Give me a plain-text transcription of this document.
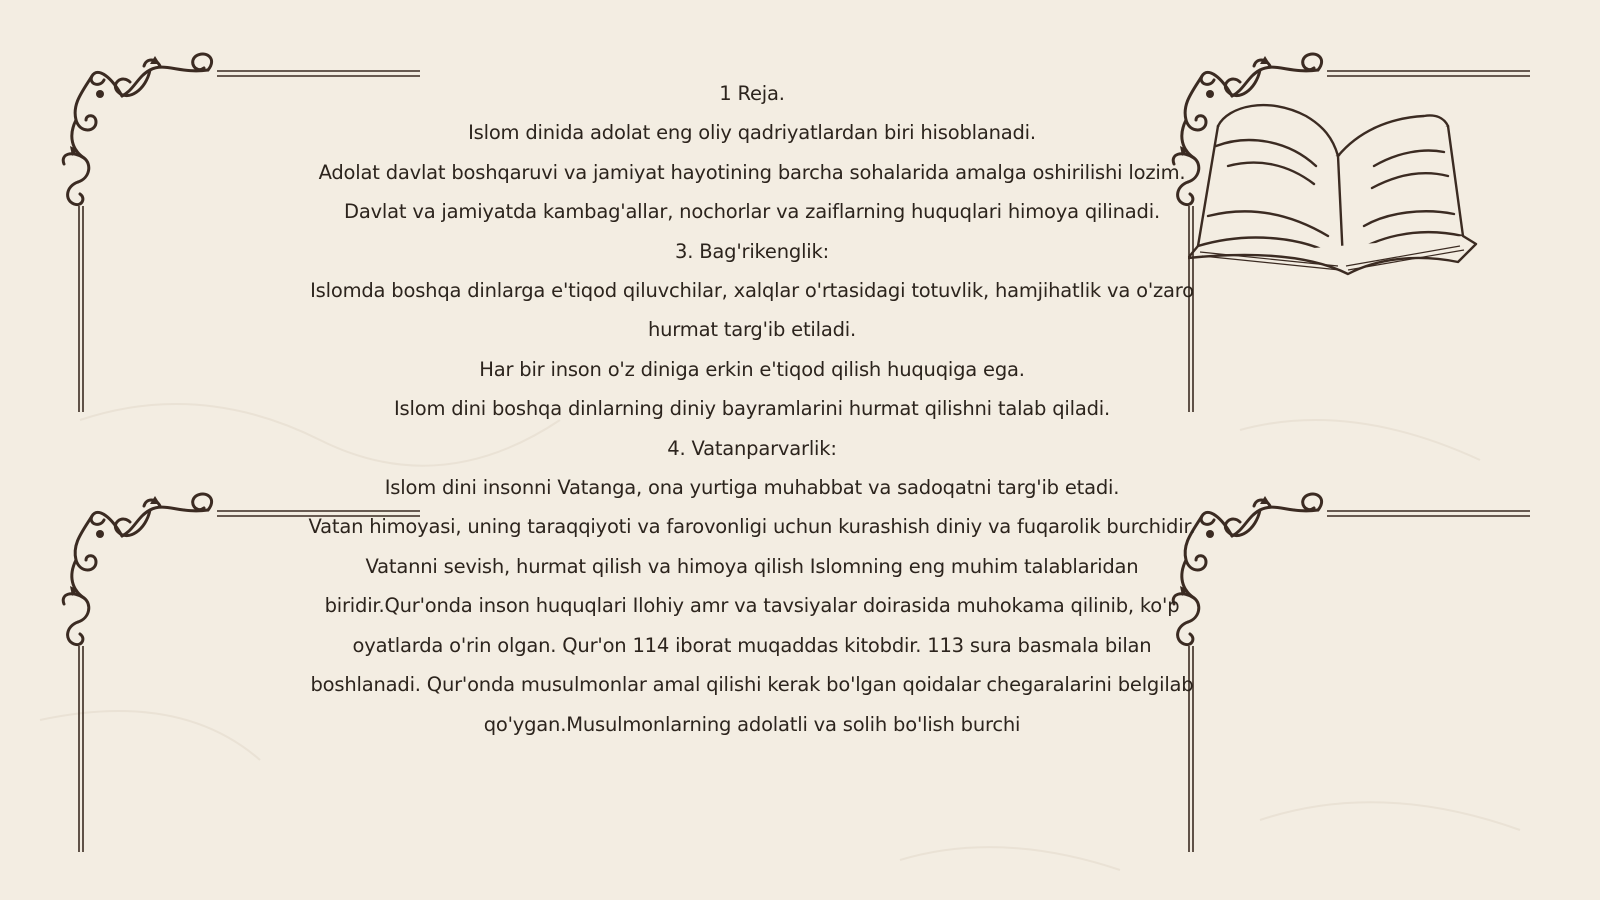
1 Reja.

Islom dinida adolat eng oliy qadriyatlardan biri hisoblanadi.

Adolat davlat boshqaruvi va jamiyat hayotining barcha sohalarida amalga oshirilishi lozim.

Davlat va jamiyatda kambag'allar, nochorlar va zaiflarning huquqlari himoya qilinadi.

3. Bag'rikenglik:

Islomda boshqa dinlarga e'tiqod qiluvchilar, xalqlar o'rtasidagi totuvlik, hamjihatlik va o'zaro hurmat targ'ib etiladi.

Har bir inson o'z diniga erkin e'tiqod qilish huquqiga ega.

Islom dini boshqa dinlarning diniy bayramlarini hurmat qilishni talab qiladi.

4. Vatanparvarlik:

Islom dini insonni Vatanga, ona yurtiga muhabbat va sadoqatni targ'ib etadi.

Vatan himoyasi, uning taraqqiyoti va farovonligi uchun kurashish diniy va fuqarolik burchidir.

Vatanni sevish, hurmat qilish va himoya qilish Islomning eng muhim talablaridan biridir.Qur'onda inson huquqlari Ilohiy amr va tavsiyalar doirasida muhokama qilinib, ko'p oyatlarda o'rin olgan. Qur'on 114 iborat muqaddas kitobdir. 113 sura basmala bilan boshlanadi. Qur'onda musulmonlar amal qilishi kerak bo'lgan qoidalar chegaralarini belgilab qo'ygan.Musulmonlarning adolatli va solih bo'lish burchi
